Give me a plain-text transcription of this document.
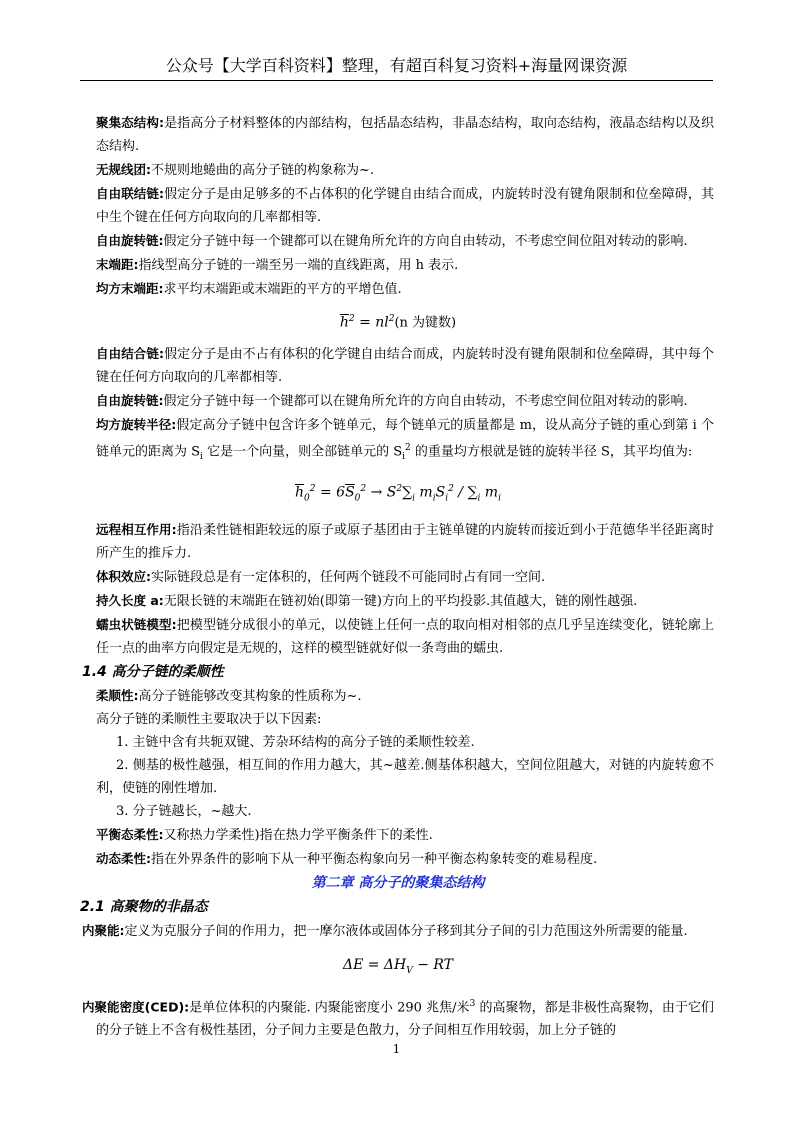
公众号【大学百科资料】整理，有超百科复习资料+海量网课资源

聚集态结构:是指高分子材料整体的内部结构，包括晶态结构，非晶态结构，取向态结构，液晶态结构以及织态结构.

无规线团:不规则地蜷曲的高分子链的构象称为~.

自由联结链:假定分子是由足够多的不占体积的化学键自由结合而成，内旋转时没有键角限制和位垒障碍，其中生个键在任何方向取向的几率都相等.

自由旋转链:假定分子链中每一个键都可以在键角所允许的方向自由转动，不考虑空间位阻对转动的影响.

末端距:指线型高分子链的一端至另一端的直线距离，用 h 表示.

均方末端距:求平均末端距或末端距的平方的平增色值.

$\overline{h}^2 = nl^2(n$ 为键数)

自由结合链:假定分子是由不占有体积的化学键自由结合而成，内旋转时没有键角限制和位垒障碍，其中每个键在任何方向取向的几率都相等.

自由旋转链:假定分子链中每一个键都可以在键角所允许的方向自由转动，不考虑空间位阻对转动的影响.

均方旋转半径:假定高分子链中包含许多个链单元，每个链单元的质量都是 m，设从高分子链的重心到第 i 个链单元的距离为 $S_i$ 它是一个向量，则全部链单元的 $S_i^2$ 的重量均方根就是链的旋转半径 S，其平均值为:

$\overline{h}_0^2 = 6\overline{S}_0^2 \to S^2\sum_i$ $m_iS_i^2 / \sum_i$ $m_i$

远程相互作用:指沿柔性链相距较远的原子或原子基团由于主链单键的内旋转而接近到小于范德华半径距离时所产生的推斥力.

体积效应:实际链段总是有一定体积的，任何两个链段不可能同时占有同一空间.

持久长度 a:无限长链的末端距在链初始(即第一键)方向上的平均投影.其值越大，链的刚性越强.

蠕虫状链模型:把模型链分成很小的单元，以使链上任何一点的取向相对相邻的点几乎呈连续变化，链轮廓上任一点的曲率方向假定是无规的，这样的模型链就好似一条弯曲的蠕虫.

1.4 高分子链的柔顺性

柔顺性:高分子链能够改变其构象的性质称为~.

高分子链的柔顺性主要取决于以下因素:

1. 主链中含有共轭双键、芳杂环结构的高分子链的柔顺性较差.

2. 侧基的极性越强，相互间的作用力越大，其~越差.侧基体积越大，空间位阻越大，对链的内旋转愈不利，使链的刚性增加.

3. 分子链越长，~越大.

平衡态柔性:又称热力学柔性)指在热力学平衡条件下的柔性.

动态柔性:指在外界条件的影响下从一种平衡态构象向另一种平衡态构象转变的难易程度.

第二章 高分子的聚集态结构

2.1 高聚物的非晶态

内聚能:定义为克服分子间的作用力，把一摩尔液体或固体分子移到其分子间的引力范围这外所需要的能量.

$\Delta E = \Delta H_V$ − RT

内聚能密度(CED):是单位体积的内聚能. 内聚能密度小 290 兆焦/米$^3$ 的高聚物，都是非极性高聚物，由于它们的分子链上不含有极性基团，分子间力主要是色散力，分子间相互作用较弱，加上分子链的

1
